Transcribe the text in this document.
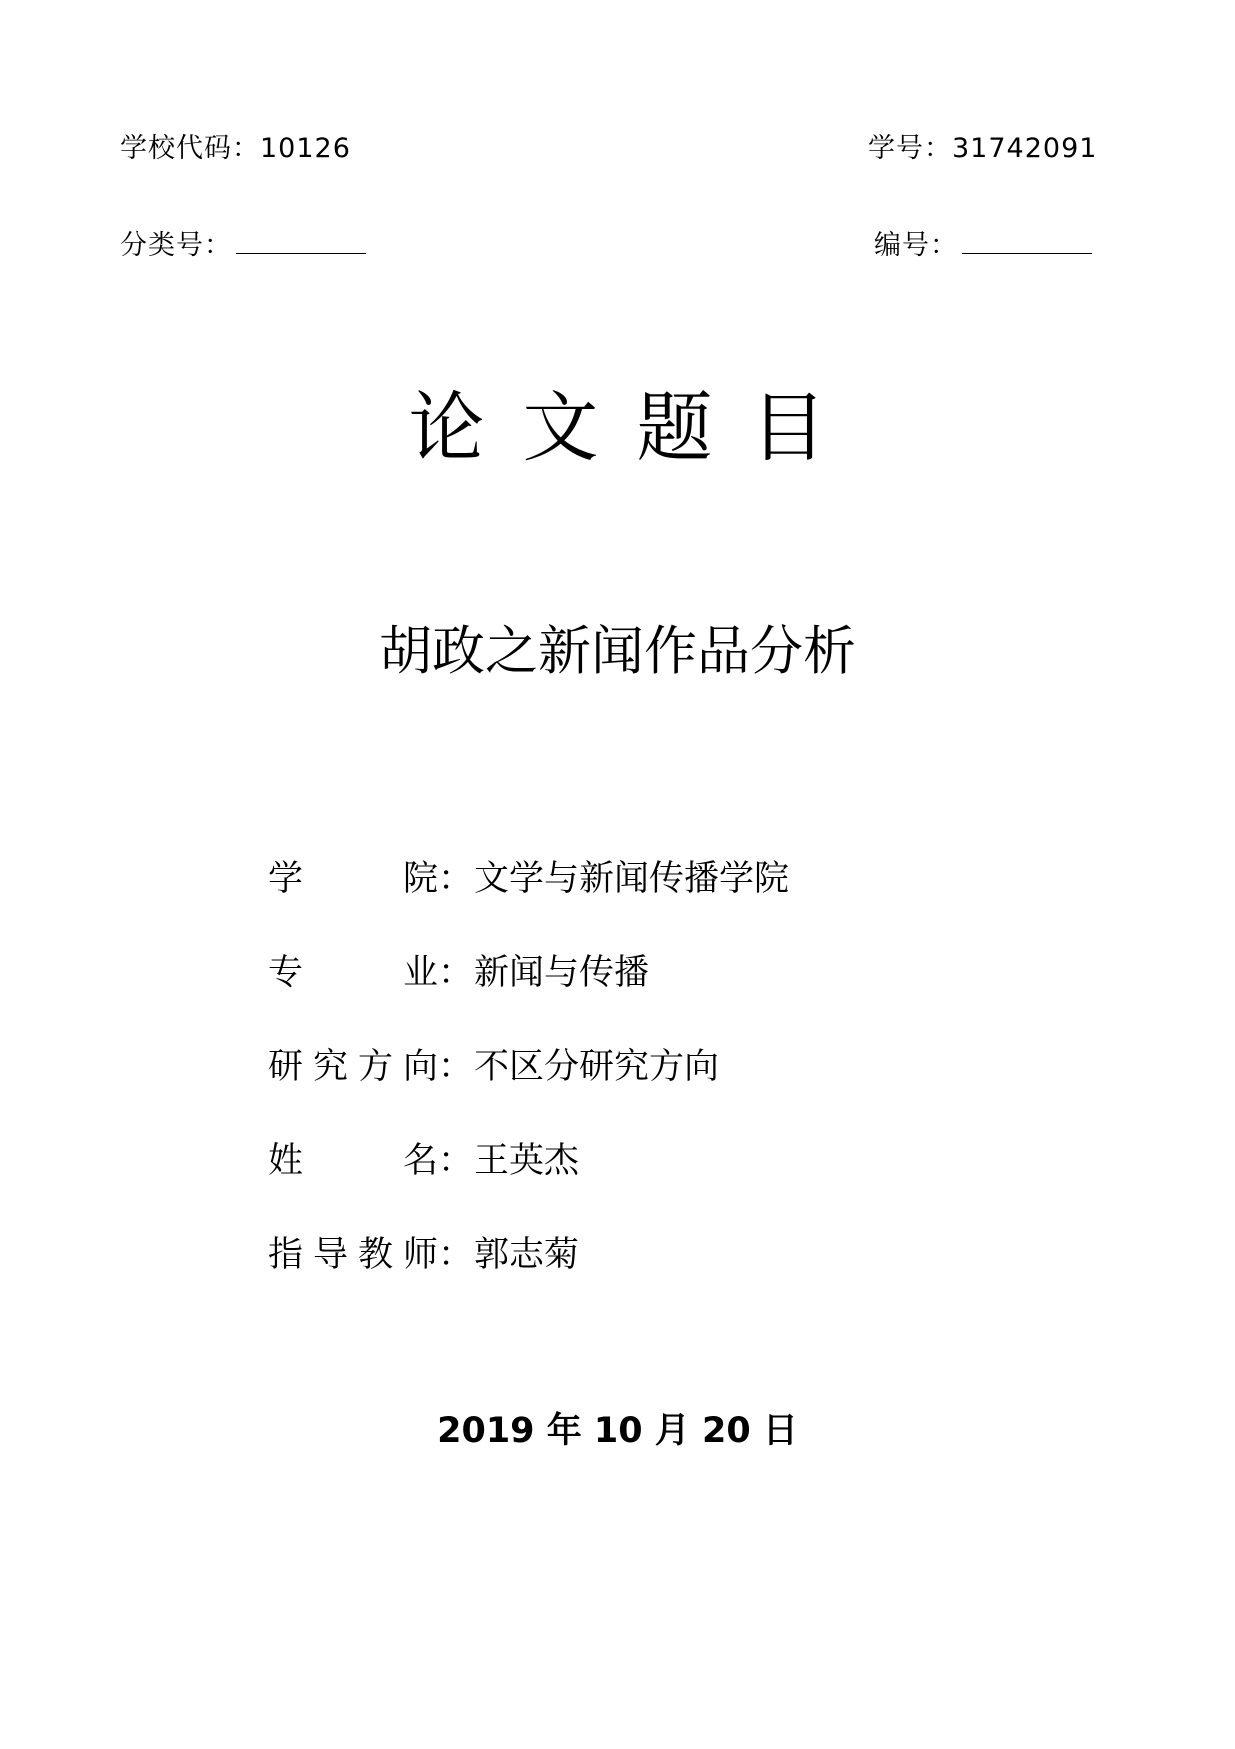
学校代码：10126	学号：31742091
分类号：	编号：
论文题目
胡政之新闻作品分析
学	院 ： 文学与新闻传播学院
专	业 ： 新闻与传播
研 究 方 向 ： 不区分研究方向
姓	名 ： 王英杰
指 导 教 师 ： 郭志菊
2019 年 10 月 20 日
